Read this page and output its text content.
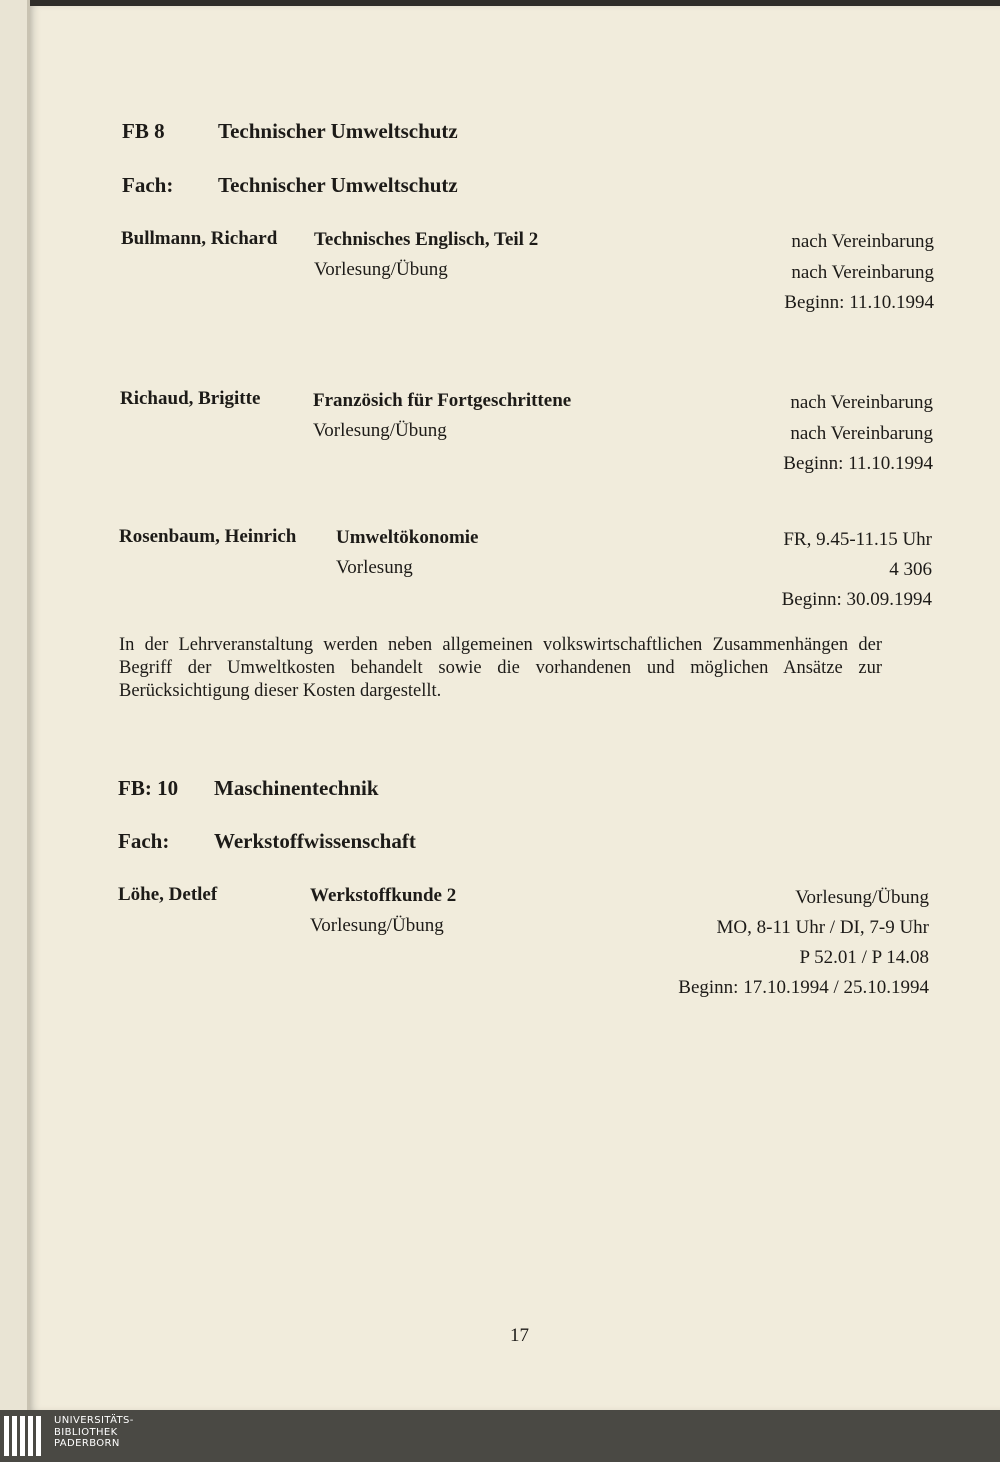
FB 8	Technischer Umweltschutz
Fach: Technischer Umweltschutz
Bullmann, Richard Technisches Englisch, Teil 2
Vorlesung/Übung
nach Vereinbarung
nach Vereinbarung
Beginn: 11.10.1994
Richaud, Brigitte	Französich für Fortgeschrittene
Vorlesung/Übung
nach Vereinbarung
nach Vereinbarung
Beginn: 11.10.1994
Rosenbaum, Heinrich Umweltökonomie
Vorlesung
FR, 9.45-11.15 Uhr
4 306
Beginn: 30.09.1994
In der Lehrveranstaltung werden neben allgemeinen volkswirtschaftlichen Zusammenhängen der Begriff der Umweltkosten behandelt sowie die vorhandenen und möglichen Ansätze zur Berücksichtigung dieser Kosten dargestellt.
FB: 10 Maschinentechnik
Fach: Werkstoffwissenschaft
Löhe, Detlef	Werkstoffkunde 2
Vorlesung/Übung
Vorlesung/Übung
MO, 8-11 Uhr / DI, 7-9 Uhr
P 52.01 / P 14.08
Beginn: 17.10.1994 / 25.10.1994
17
UNIVERSITÄTS-
BIBLIOTHEK
PADERBORN
